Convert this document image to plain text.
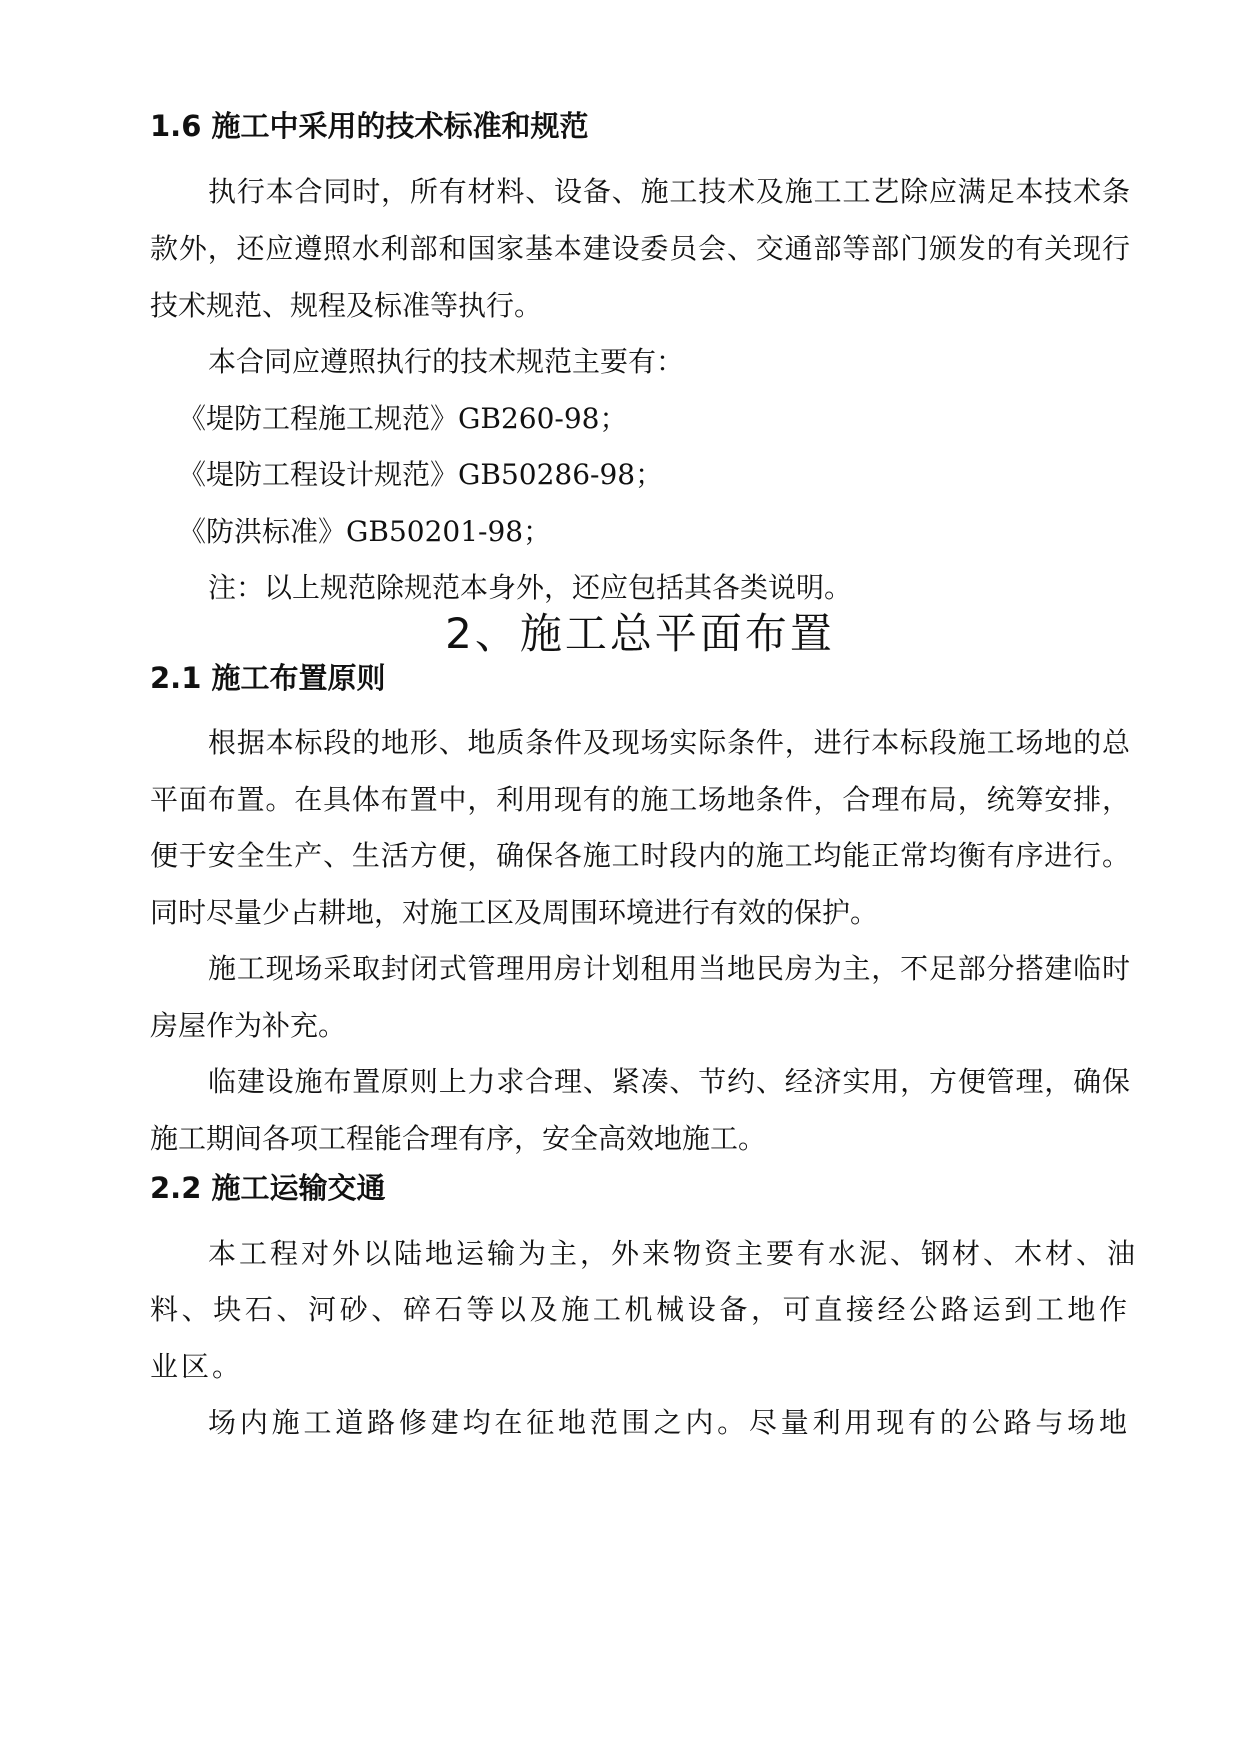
1.6 施工中采用的技术标准和规范

执行本合同时，所有材料、设备、施工技术及施工工艺除应满足本技术条

款外，还应遵照水利部和国家基本建设委员会、交通部等部门颁发的有关现行

技术规范、规程及标准等执行。

本合同应遵照执行的技术规范主要有：

《堤防工程施工规范》GB260-98；

《堤防工程设计规范》GB50286-98；

《防洪标准》GB50201-98；

注：以上规范除规范本身外，还应包括其各类说明。

2、施工总平面布置
2.1 施工布置原则

根据本标段的地形、地质条件及现场实际条件，进行本标段施工场地的总

平面布置。在具体布置中，利用现有的施工场地条件，合理布局，统筹安排，

便于安全生产、生活方便，确保各施工时段内的施工均能正常均衡有序进行。

同时尽量少占耕地，对施工区及周围环境进行有效的保护。

施工现场采取封闭式管理用房计划租用当地民房为主，不足部分搭建临时

房屋作为补充。

临建设施布置原则上力求合理、紧凑、节约、经济实用，方便管理，确保

施工期间各项工程能合理有序，安全高效地施工。

2.2 施工运输交通

本工程对外以陆地运输为主，外来物资主要有水泥、钢材、木材、油

料、块石、河砂、碎石等以及施工机械设备，可直接经公路运到工地作

业区。

场内施工道路修建均在征地范围之内。尽量利用现有的公路与场地
